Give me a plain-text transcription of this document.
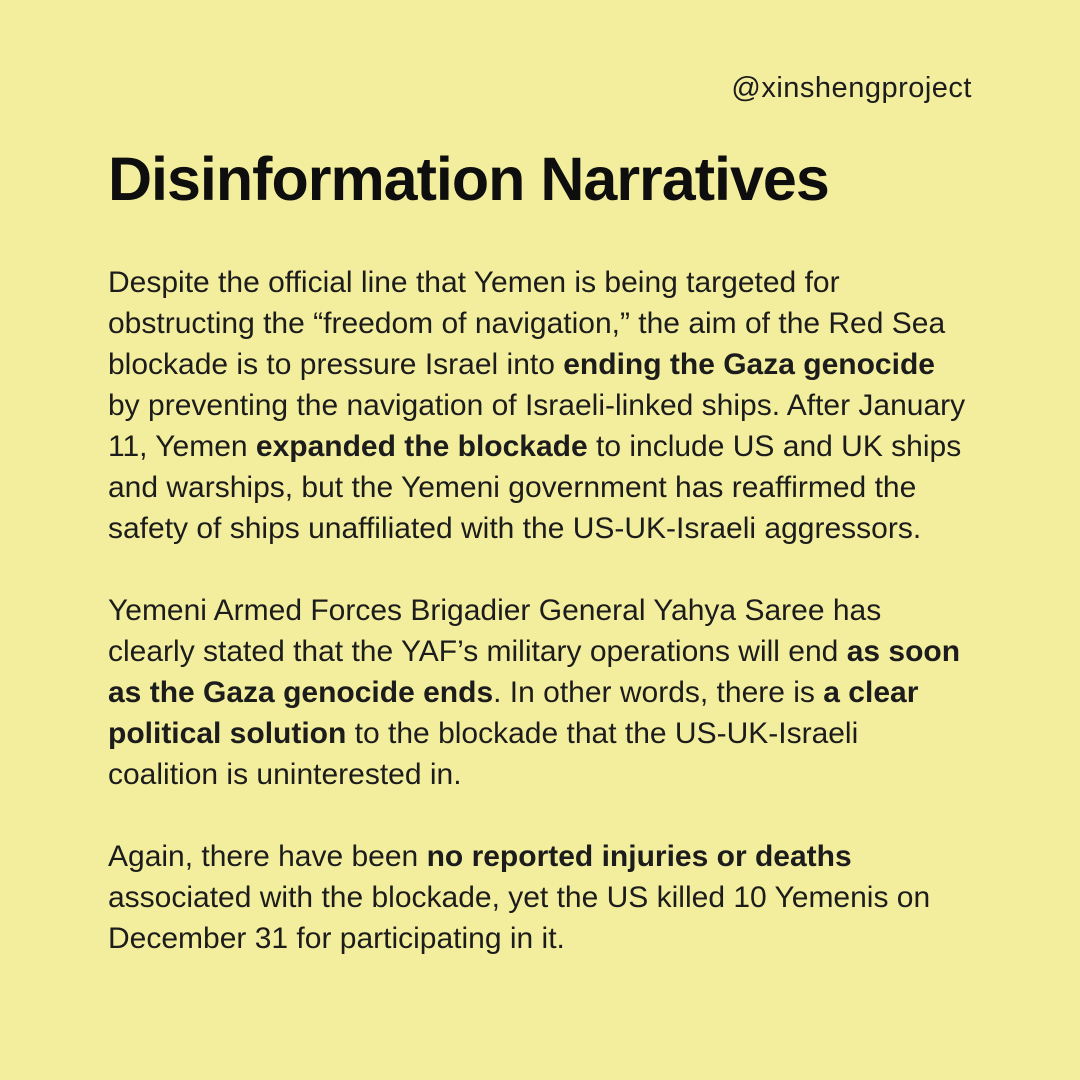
@xinshengproject
Disinformation Narratives

Despite the official line that Yemen is being targeted for obstructing the “freedom of navigation,” the aim of the Red Sea blockade is to pressure Israel into ending the Gaza genocide by preventing the navigation of Israeli-linked ships. After January 11, Yemen expanded the blockade to include US and UK ships and warships, but the Yemeni government has reaffirmed the safety of ships unaffiliated with the US-UK-Israeli aggressors.

Yemeni Armed Forces Brigadier General Yahya Saree has clearly stated that the YAF’s military operations will end as soon as the Gaza genocide ends. In other words, there is a clear political solution to the blockade that the US-UK-Israeli coalition is uninterested in.

Again, there have been no reported injuries or deaths associated with the blockade, yet the US killed 10 Yemenis on December 31 for participating in it.
